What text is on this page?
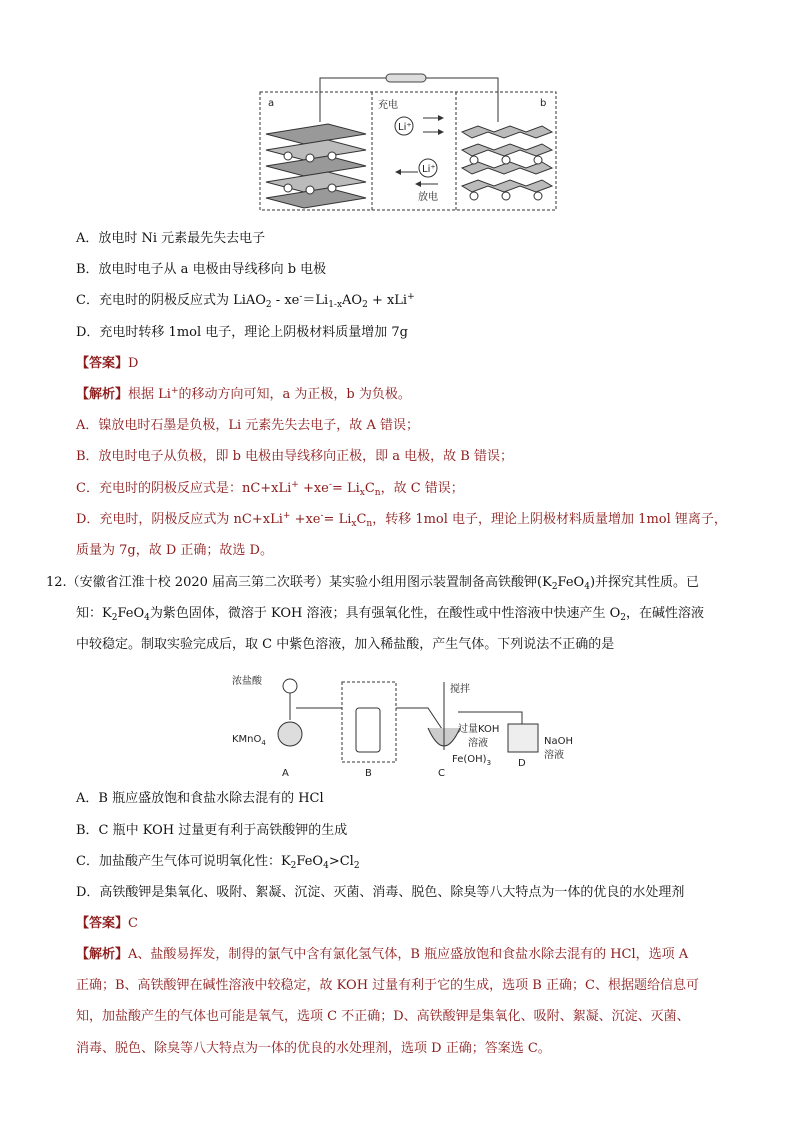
a	b
充电
Li⁺
Li⁺
放电
A．放电时 Ni 元素最先失去电子
B．放电时电子从 a 电极由导线移向 b 电极
C．充电时的阴极反应式为 LiAO$_2$ - $xe^-=Li_{1-x}AO_2 + xLi^+$
D．充电时转移 1mol 电子，理论上阴极材料质量增加 7g
【答案】D
【解析】根据 Li+的移动方向可知，a 为正极，b 为负极。
A．镍放电时石墨是负极，Li 元素先失去电子，故 A 错误；
B．放电时电子从负极，即 b 电极由导线移向正极，即 a 电极，故 B 错误；
C．充电时的阴极反应式是：$nC+xLi^+ +xe^-= Li_xC_n$，故 C 错误；
D．充电时，阴极反应式为 $nC+xLi^+ +xe^-= Li_xC_n$，转移 1mol 电子，理论上阴极材料质量增加 1mol 锂离子，
质量为 7g，故 D 正确；故选 D。
12.（安徽省江淮十校 2020 届高三第二次联考）某实验小组用图示装置制备高铁酸钾$(K_2FeO_4)$并探究其性质。已
知：$K_2FeO_4$为紫色固体，微溶于 KOH 溶液；具有强氧化性，在酸性或中性溶液中快速产生 $O_2$，在碱性溶液
中较稳定。制取实验完成后，取 C 中紫色溶液，加入稀盐酸，产生气体。下列说法不正确的是
浓盐酸
KMnO$_4$
A	B
搅拌
过量KOH
溶液
C
$Fe(OH)_3$	D
NaOH
溶液
A．B 瓶应盛放饱和食盐水除去混有的 HCl
B．C 瓶中 KOH 过量更有利于高铁酸钾的生成
C．加盐酸产生气体可说明氧化性：$K_2FeO_4>Cl_2$
D．高铁酸钾是集氧化、吸附、絮凝、沉淀、灭菌、消毒、脱色、除臭等八大特点为一体的优良的水处理剂
【答案】C
【解析】A、盐酸易挥发，制得的氯气中含有氯化氢气体，B 瓶应盛放饱和食盐水除去混有的 HCl，选项 A
正确；B、高铁酸钾在碱性溶液中较稳定，故 KOH 过量有利于它的生成，选项 B 正确；C、根据题给信息可
知，加盐酸产生的气体也可能是氧气，选项 C 不正确；D、高铁酸钾是集氧化、吸附、絮凝、沉淀、灭菌、
消毒、脱色、除臭等八大特点为一体的优良的水处理剂，选项 D 正确；答案选 C。
